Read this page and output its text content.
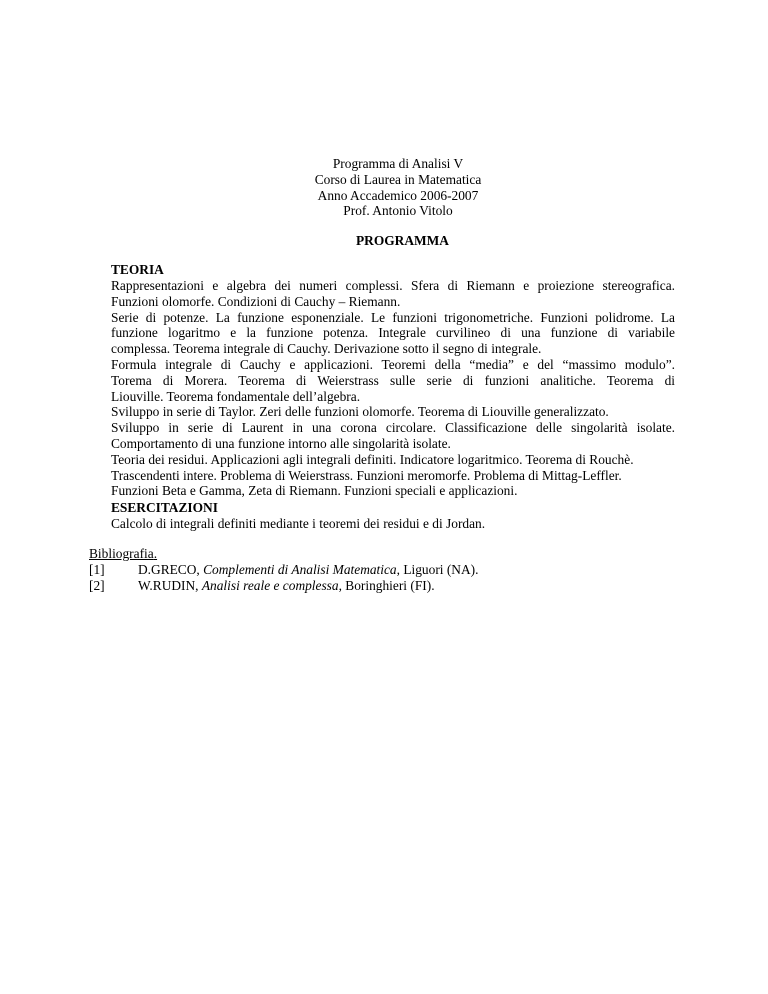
Programma di Analisi V
Corso di Laurea in Matematica
Anno Accademico 2006-2007
Prof. Antonio Vitolo
PROGRAMMA
TEORIA
Rappresentazioni e algebra dei numeri complessi. Sfera di Riemann e proiezione stereografica.
Funzioni olomorfe. Condizioni di Cauchy – Riemann.
Serie di potenze. La funzione esponenziale. Le funzioni trigonometriche. Funzioni polidrome. La
funzione logaritmo e la funzione potenza. Integrale curvilineo di una funzione di variabile
complessa. Teorema integrale di Cauchy. Derivazione sotto il segno di integrale.
Formula integrale di Cauchy e applicazioni. Teoremi della “media” e del “massimo modulo”.
Torema di Morera. Teorema di Weierstrass sulle serie di funzioni analitiche. Teorema di
Liouville. Teorema fondamentale dell’algebra.
Sviluppo in serie di Taylor. Zeri delle funzioni olomorfe. Teorema di Liouville generalizzato.
Sviluppo in serie di Laurent in una corona circolare. Classificazione delle singolarità isolate.
Comportamento di una funzione intorno alle singolarità isolate.
Teoria dei residui. Applicazioni agli integrali definiti. Indicatore logaritmico. Teorema di Rouchè.
Trascendenti intere. Problema di Weierstrass. Funzioni meromorfe. Problema di Mittag-Leffler.
Funzioni Beta e Gamma, Zeta di Riemann. Funzioni speciali e applicazioni.
ESERCITAZIONI
Calcolo di integrali definiti mediante i teoremi dei residui e di Jordan.
Bibliografia.
[1] D.GRECO, Complementi di Analisi Matematica, Liguori (NA).
[2] W.RUDIN, Analisi reale e complessa, Boringhieri (FI).
